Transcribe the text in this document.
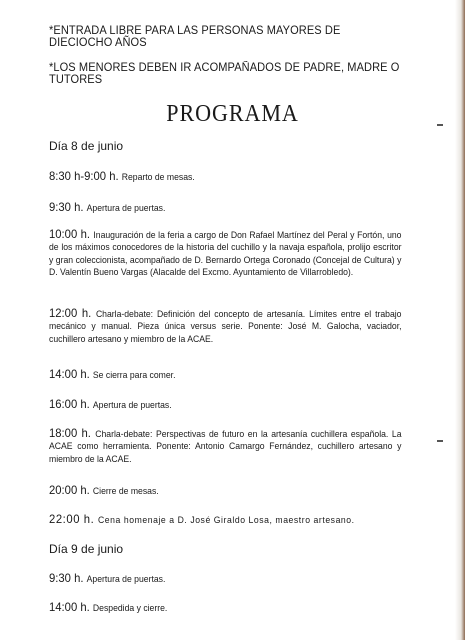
*ENTRADA LIBRE PARA LAS PERSONAS MAYORES DE DIECIOCHO AÑOS
*LOS MENORES DEBEN IR ACOMPAÑADOS DE PADRE, MADRE O TUTORES
PROGRAMA
Día 8 de junio
8:30 h-9:00 h. Reparto de mesas.
9:30 h. Apertura de puertas.
10:00 h. Inauguración de la feria a cargo de Don Rafael Martínez del Peral y Fortón, uno de los máximos conocedores de la historia del cuchillo y la navaja española, prolijo escritor y gran coleccionista, acompañado de D. Bernardo Ortega Coronado (Concejal de Cultura) y D. Valentín Bueno Vargas (Alacalde del Excmo. Ayuntamiento de Villarrobledo).
12:00 h. Charla-debate: Definición del concepto de artesanía. Límites entre el trabajo mecánico y manual. Pieza única versus serie. Ponente: José M. Galocha, vaciador, cuchillero artesano y miembro de la ACAE.
14:00 h. Se cierra para comer.
16:00 h. Apertura de puertas.
18:00 h. Charla-debate: Perspectivas de futuro en la artesanía cuchillera española. La ACAE como herramienta. Ponente: Antonio Camargo Fernández, cuchillero artesano y miembro de la ACAE.
20:00 h. Cierre de mesas.
22:00 h. Cena homenaje a D. José Giraldo Losa, maestro artesano.
Día 9 de junio
9:30 h. Apertura de puertas.
14:00 h. Despedida y cierre.
